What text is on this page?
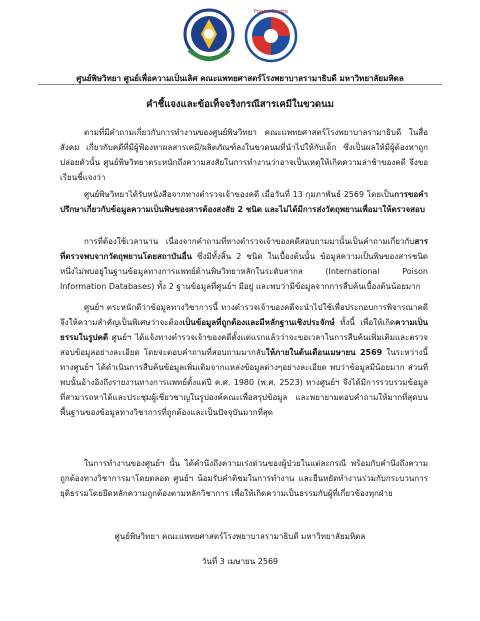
Poison Centre
ศูนย์พิษวิทยา ศูนย์เพื่อความเป็นเลิศ คณะแพทยศาสตร์โรงพยาบาลรามาธิบดี มหาวิทยาลัยมหิดล
คำชี้แจงและข้อเท็จจริงกรณีสารเคมีในขวดนม

ตามที่มีคำถามเกี่ยวกับการทำงานของศูนย์พิษวิทยา คณะแพทยศาสตร์โรงพยาบาลรามาธิบดี ในสื่อสังคม เกี่ยวกับคดีที่มีผู้ฟ้องหาผลสารเคมี/ผลิตภัณฑ์ลงในขวดนมที่นำไปให้กับเด็ก ซึ่งเป็นผลให้มีผู้ต้องหาถูกปล่อยตัวนั้น ศูนย์พิษวิทยาตระหนักถึงความสงสัยในการทำงานว่าอาจเป็นเหตุให้เกิดความล่าช้าของคดี จึงขอเรียนชี้แจงว่า

ศูนย์พิษวิทยาได้รับหนังสือจากทางตำรวจเจ้าของคดี เมื่อวันที่ 13 กุมภาพันธ์ 2569 โดยเป็นการขอคำปรึกษาเกี่ยวกับข้อมูลความเป็นพิษของสารต้องสงสัย 2 ชนิด และไม่ได้มีการส่งวัตถุพยานเพื่อมาให้ตรวจสอบ

การที่ต้องใช้เวลานาน เนื่องจากคำถามที่ทางตำรวจเจ้าของคดีสอบถามมานั้นเป็นคำถามเกี่ยวกับสารที่ตรวจพบจากวัตถุพยานโดยสถาบันอื่น ซึ่งมีทั้งสิ้น 2 ชนิด ในเบื้องต้นนั้น ข้อมูลความเป็นพิษของสารชนิดหนึ่งไม่พบอยู่ในฐานข้อมูลทางการแพทย์ด้านพิษวิทยาหลักในระดับสากล (International Poison Information Databases) ทั้ง 2 ฐานข้อมูลที่ศูนย์ฯ มีอยู่ และพบว่ามีข้อมูลจากการสืบค้นเบื้องต้นน้อยมาก

ศูนย์ฯ ตระหนักดีว่าข้อมูลทางวิชาการนี้ ทางตำรวจเจ้าของคดีจะนำไปใช้เพื่อประกอบการพิจารณาคดี จึงให้ความสำคัญเป็นพิเศษว่าจะต้องเป็นข้อมูลที่ถูกต้องและมีหลักฐานเชิงประจักษ์ ทั้งนี้ เพื่อให้เกิดความเป็นธรรมในรูปคดี ศูนย์ฯ ได้แจ้งทางตำรวจเจ้าของคดีตั้งแต่แรกแล้วว่าจะขอเวลาในการสืบค้นเพิ่มเติมและตรวจสอบข้อมูลอย่างละเอียด โดยจะตอบคำถามที่สอบถามมากลับให้ภายในต้นเดือนเมษายน 2569 ในระหว่างนี้ ทางศูนย์ฯ ได้ดำเนินการสืบค้นข้อมูลเพิ่มเติมจากแหล่งข้อมูลต่างๆอย่างละเอียด พบว่าข้อมูลมีน้อยมาก ส่วนที่พบนั้นอ้างอิงถึงรายงานทางการแพทย์ตั้งแต่ปี ค.ศ. 1980 (พ.ศ. 2523) ทางศูนย์ฯ จึงได้มีการรวบรวมข้อมูลที่สามารถหาได้และประชุมผู้เชี่ยวชาญในรูปองค์คณะเพื่อสรุปข้อมูล และพยายามตอบคำถามให้มากที่สุดบนพื้นฐานของข้อมูลทางวิชาการที่ถูกต้องและเป็นปัจจุบันมากที่สุด

ในการทำงานของศูนย์ฯ นั้น ได้คำนึงถึงความเร่งด่วนของผู้ป่วยในแต่ละกรณี พร้อมกับคำนึงถึงความถูกต้องทางวิชาการมาโดยตลอด ศูนย์ฯ น้อมรับคำติชมในการทำงาน และยืนหยัดทำงานร่วมกับกระบวนการยุติธรรมโดยยึดหลักความถูกต้องตามหลักวิชาการ เพื่อให้เกิดความเป็นธรรมกับผู้ที่เกี่ยวข้องทุกฝ่าย

ศูนย์พิษวิทยา คณะแพทยศาสตร์โรงพยาบาลรามาธิบดี มหาวิทยาลัยมหิดล
วันที่ 3 เมษายน 2569
